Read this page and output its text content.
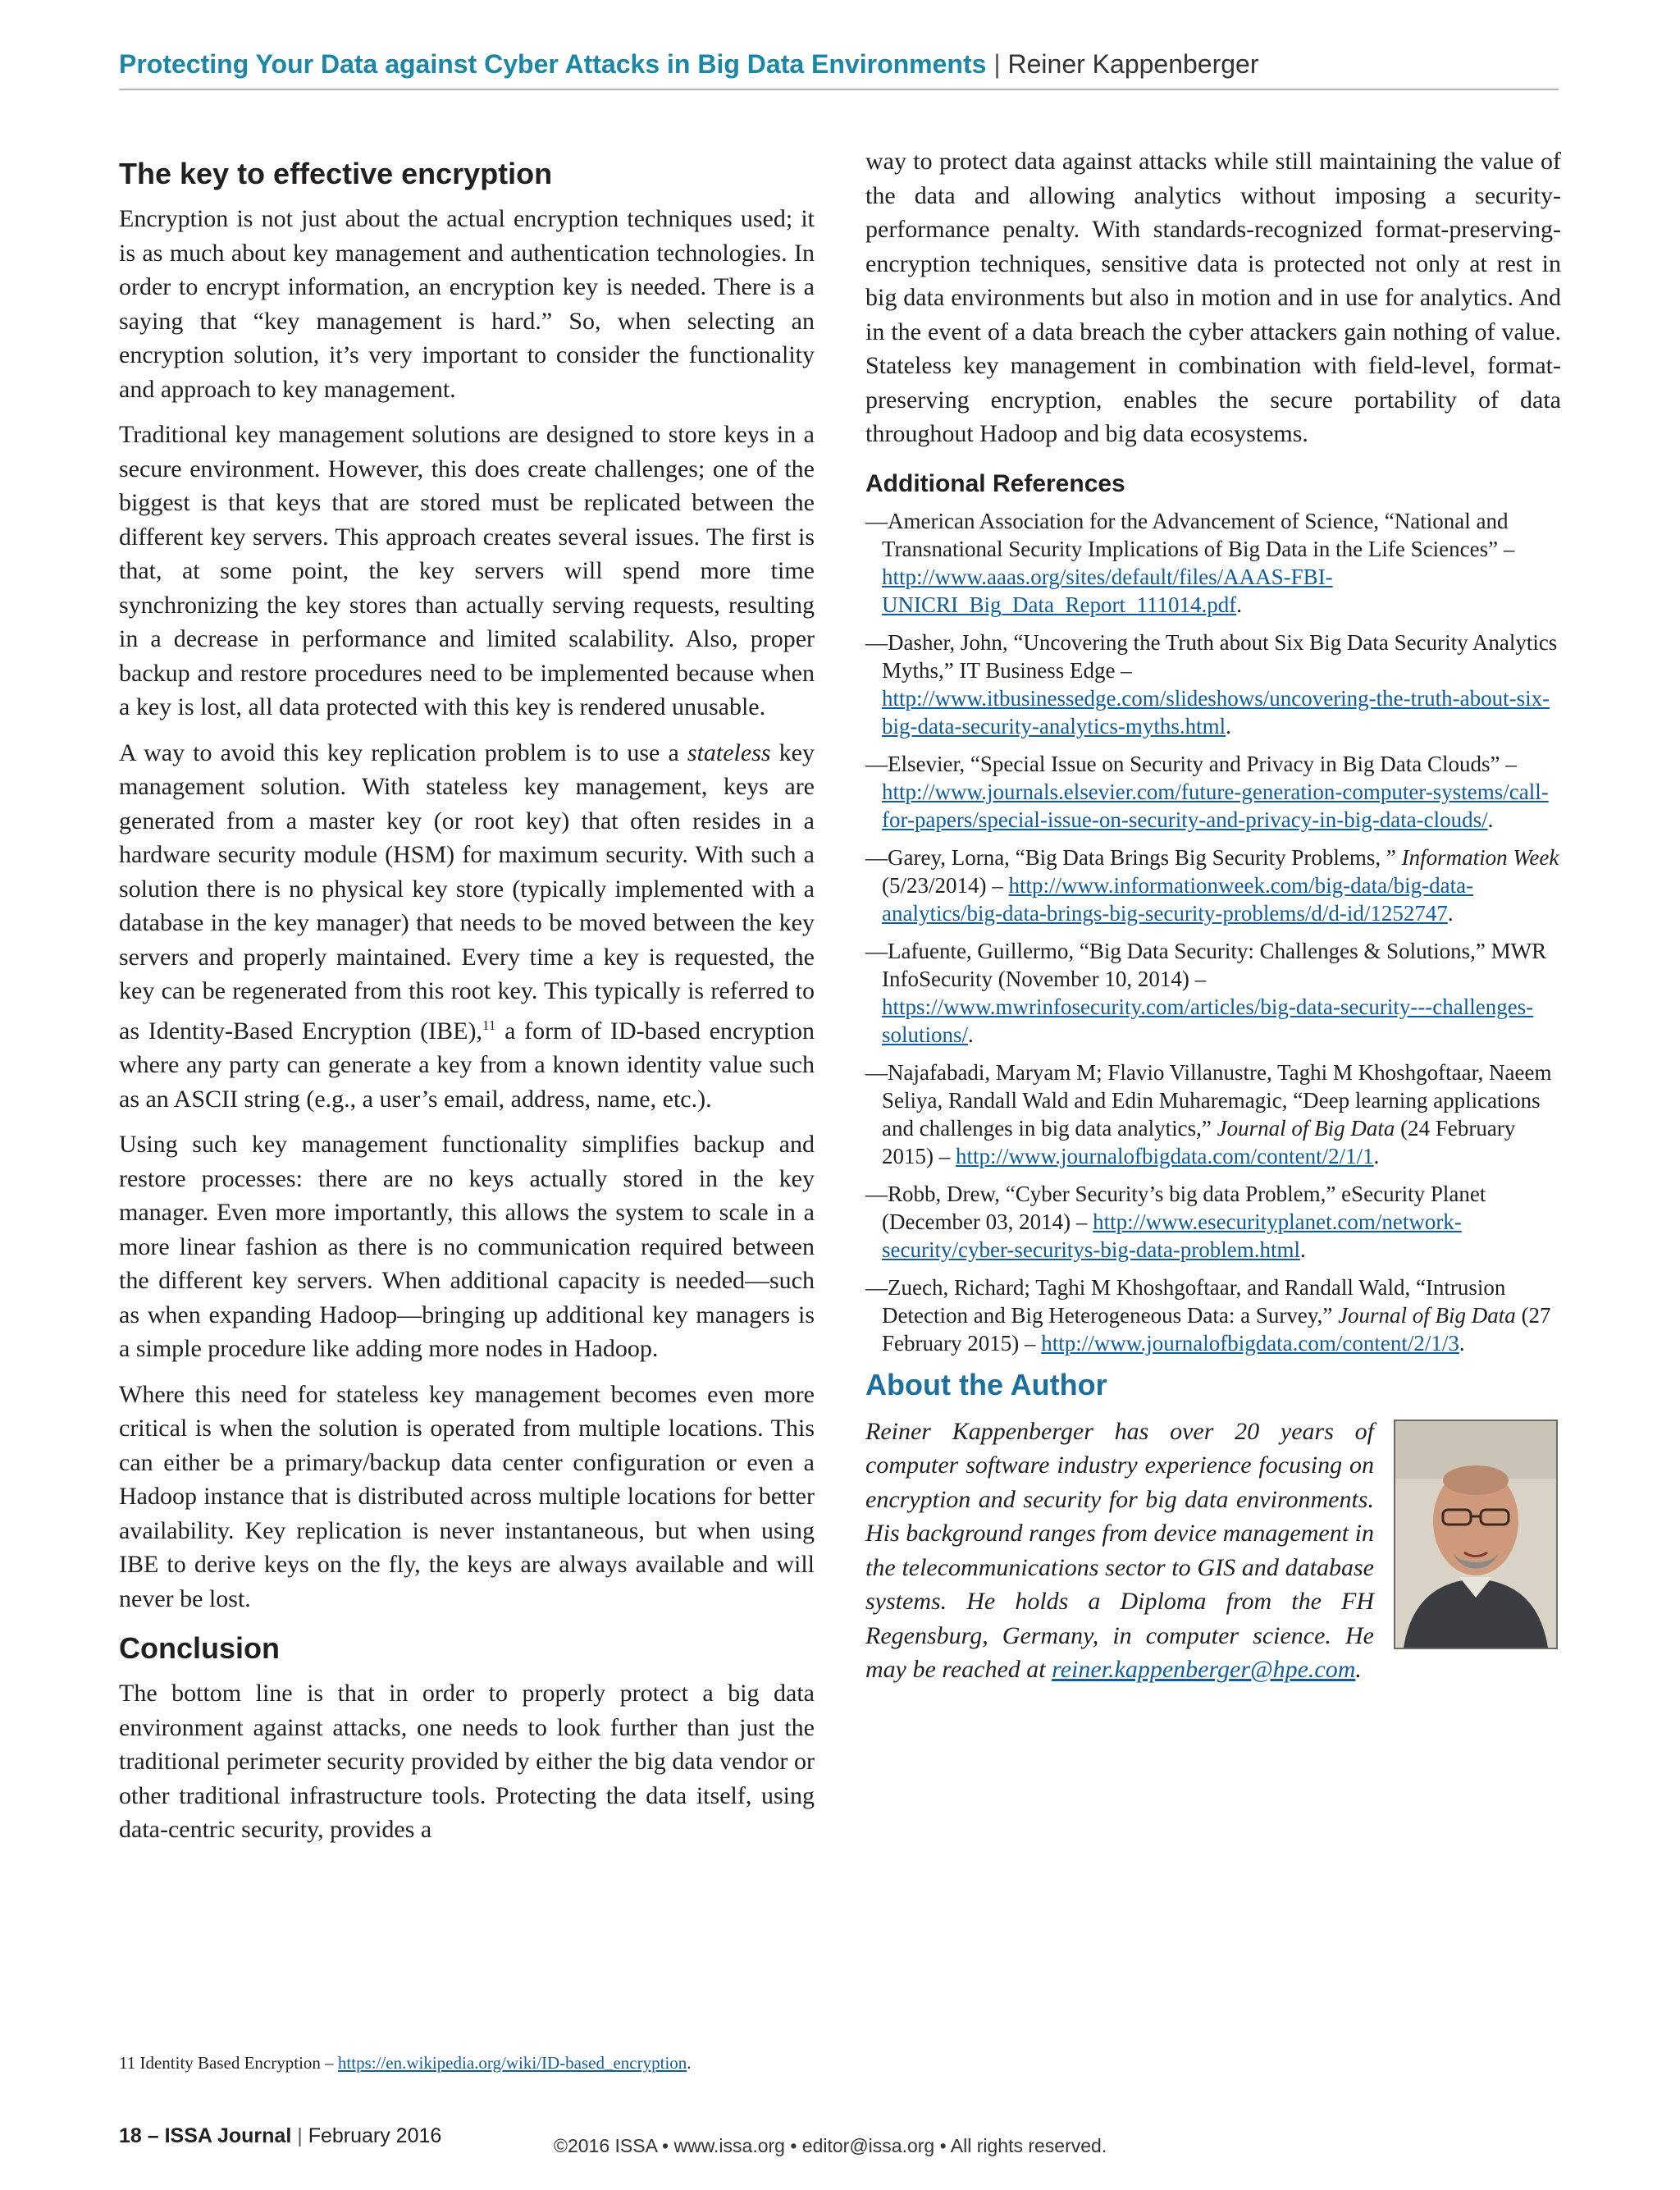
Protecting Your Data against Cyber Attacks in Big Data Environments | Reiner Kappenberger
The key to effective encryption

Encryption is not just about the actual encryption techniques used; it is as much about key management and authentication technologies. In order to encrypt information, an encryption key is needed. There is a saying that “key management is hard.” So, when selecting an encryption solution, it’s very important to consider the functionality and approach to key management.

Traditional key management solutions are designed to store keys in a secure environment. However, this does create challenges; one of the biggest is that keys that are stored must be replicated between the different key servers. This approach creates several issues. The first is that, at some point, the key servers will spend more time synchronizing the key stores than actually serving requests, resulting in a decrease in performance and limited scalability. Also, proper backup and restore procedures need to be implemented because when a key is lost, all data protected with this key is rendered unusable.

A way to avoid this key replication problem is to use a stateless key management solution. With stateless key management, keys are generated from a master key (or root key) that often resides in a hardware security module (HSM) for maximum security. With such a solution there is no physical key store (typically implemented with a database in the key manager) that needs to be moved between the key servers and properly maintained. Every time a key is requested, the key can be regenerated from this root key. This typically is referred to as Identity-Based Encryption (IBE),$^{11}$ a form of ID-based encryption where any party can generate a key from a known identity value such as an ASCII string (e.g., a user’s email, address, name, etc.).

Using such key management functionality simplifies backup and restore processes: there are no keys actually stored in the key manager. Even more importantly, this allows the system to scale in a more linear fashion as there is no communication required between the different key servers. When additional capacity is needed—such as when expanding Hadoop—bringing up additional key managers is a simple procedure like adding more nodes in Hadoop.

Where this need for stateless key management becomes even more critical is when the solution is operated from multiple locations. This can either be a primary/backup data center configuration or even a Hadoop instance that is distributed across multiple locations for better availability. Key replication is never instantaneous, but when using IBE to derive keys on the fly, the keys are always available and will never be lost.

Conclusion

The bottom line is that in order to properly protect a big data environment against attacks, one needs to look further than just the traditional perimeter security provided by either the big data vendor or other traditional infrastructure tools. Protecting the data itself, using data-centric security, provides a

way to protect data against attacks while still maintaining the value of the data and allowing analytics without imposing a security-performance penalty. With standards-recognized format-preserving-encryption techniques, sensitive data is protected not only at rest in big data environments but also in motion and in use for analytics. And in the event of a data breach the cyber attackers gain nothing of value. Stateless key management in combination with field-level, format-preserving encryption, enables the secure portability of data throughout Hadoop and big data ecosystems.

Additional References
—American Association for the Advancement of Science, “National and Transnational Security Implications of Big Data in the Life Sciences” – http://www.aaas.org/sites/default/files/AAAS-FBI-UNICRI_Big_Data_Report_111014.pdf.
—Dasher, John, “Uncovering the Truth about Six Big Data Security Analytics Myths,” IT Business Edge – http://www.itbusinessedge.com/slideshows/uncovering-the-truth-about-six-big-data-security-analytics-myths.html.
—Elsevier, “Special Issue on Security and Privacy in Big Data Clouds” – http://www.journals.elsevier.com/future-generation-computer-systems/call-for-papers/special-issue-on-security-and-privacy-in-big-data-clouds/.
—Garey, Lorna, “Big Data Brings Big Security Problems, ” Information Week (5/23/2014) – http://www.informationweek.com/big-data/big-data-analytics/big-data-brings-big-security-problems/d/d-id/1252747.
—Lafuente, Guillermo, “Big Data Security: Challenges & Solutions,” MWR InfoSecurity (November 10, 2014) – https://www.mwrinfosecurity.com/articles/big-data-security---challenges-solutions/.
—Najafabadi, Maryam M; Flavio Villanustre, Taghi M Khoshgoftaar, Naeem Seliya, Randall Wald and Edin Muharemagic, “Deep learning applications and challenges in big data analytics,” Journal of Big Data (24 February 2015) – http://www.journalofbigdata.com/content/2/1/1.
—Robb, Drew, “Cyber Security’s big data Problem,” eSecurity Planet (December 03, 2014) – http://www.esecurityplanet.com/network-security/cyber-securitys-big-data-problem.html.
—Zuech, Richard; Taghi M Khoshgoftaar, and Randall Wald, “Intrusion Detection and Big Heterogeneous Data: a Survey,” Journal of Big Data (27 February 2015) – http://www.journalofbigdata.com/content/2/1/3.
About the Author

Reiner Kappenberger has over 20 years of computer software industry experience focusing on encryption and security for big data environments. His background ranges from device management in the telecommunications sector to GIS and database systems. He holds a Diploma from the FH Regensburg, Germany, in computer science. He may be reached at reiner.kappenberger@hpe.com.

11 Identity Based Encryption – https://en.wikipedia.org/wiki/ID-based_encryption.
18 – ISSA Journal | February 2016	©2016 ISSA • www.issa.org • editor@issa.org • All rights reserved.
